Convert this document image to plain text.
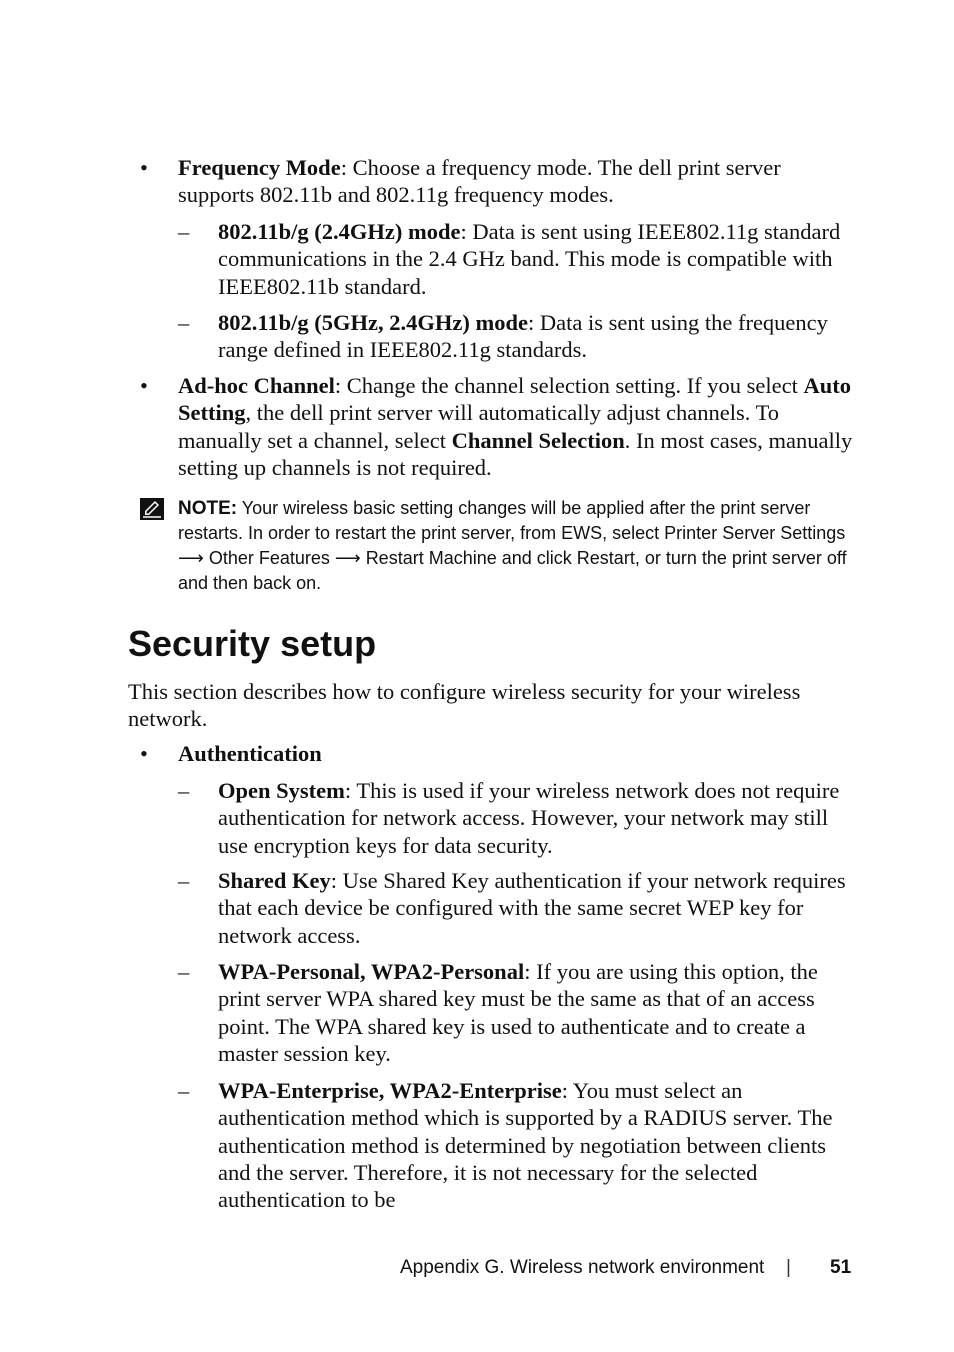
• Frequency Mode: Choose a frequency mode. The dell print server supports 802.11b and 802.11g frequency modes.
–	802.11b/g (2.4GHz) mode: Data is sent using IEEE802.11g standard communications in the 2.4 GHz band. This mode is compatible with IEEE802.11b standard.
–	802.11b/g (5GHz, 2.4GHz) mode: Data is sent using the frequency range defined in IEEE802.11g standards.
• Ad-hoc Channel: Change the channel selection setting. If you select Auto Setting, the dell print server will automatically adjust channels. To manually set a channel, select Channel Selection. In most cases, manually setting up channels is not required.
NOTE: Your wireless basic setting changes will be applied after the print server restarts. In order to restart the print server, from EWS, select Printer Server Settings ⟶ Other Features ⟶ Restart Machine and click Restart, or turn the print server off and then back on.
Security setup
This section describes how to configure wireless security for your wireless network.
• Authentication
–	Open System: This is used if your wireless network does not require authentication for network access. However, your network may still use encryption keys for data security.
–	Shared Key: Use Shared Key authentication if your network requires that each device be configured with the same secret WEP key for network access.
–	WPA-Personal, WPA2-Personal: If you are using this option, the print server WPA shared key must be the same as that of an access point. The WPA shared key is used to authenticate and to create a master session key.
–	WPA-Enterprise, WPA2-Enterprise: You must select an authentication method which is supported by a RADIUS server. The authentication method is determined by negotiation between clients and the server. Therefore, it is not necessary for the selected authentication to be
Appendix G. Wireless network environment | 51
